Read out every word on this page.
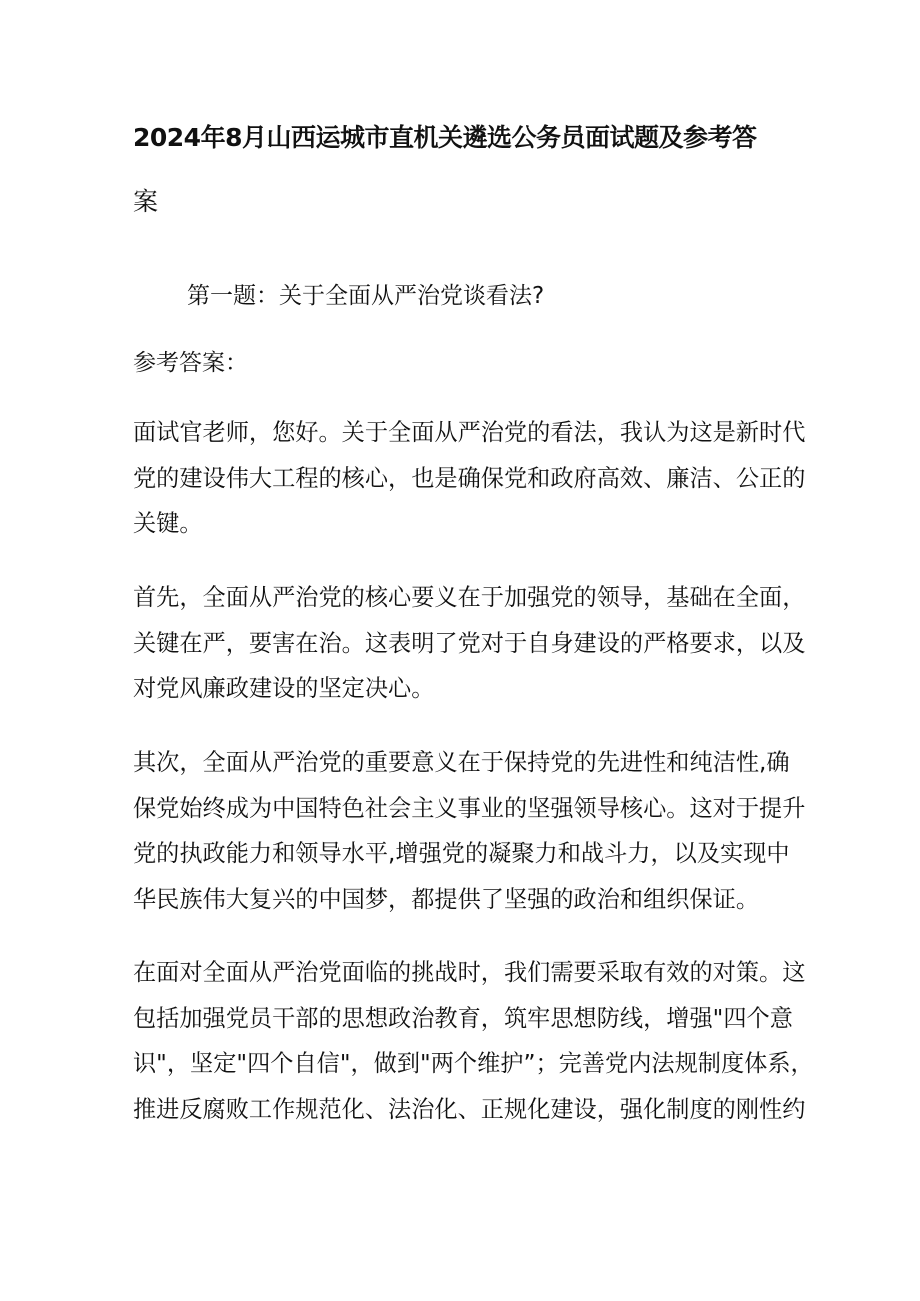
2024年8月山西运城市直机关遴选公务员面试题及参考答
案
第一题：关于全面从严治党谈看法?
参考答案：

面试官老师，您好。关于全面从严治党的看法，我认为这是新时代
党的建设伟大工程的核心，也是确保党和政府高效、廉洁、公正的
关键。

首先，全面从严治党的核心要义在于加强党的领导，基础在全面，
关键在严，要害在治。这表明了党对于自身建设的严格要求，以及
对党风廉政建设的坚定决心。

其次，全面从严治党的重要意义在于保持党的先进性和纯洁性,确
保党始终成为中国特色社会主义事业的坚强领导核心。这对于提升
党的执政能力和领导水平,增强党的凝聚力和战斗力，以及实现中
华民族伟大复兴的中国梦，都提供了坚强的政治和组织保证。

在面对全面从严治党面临的挑战时，我们需要采取有效的对策。这
包括加强党员干部的思想政治教育，筑牢思想防线，增强"四个意
识"，坚定"四个自信"，做到"两个维护”；完善党内法规制度体系，
推进反腐败工作规范化、法治化、正规化建设，强化制度的刚性约
